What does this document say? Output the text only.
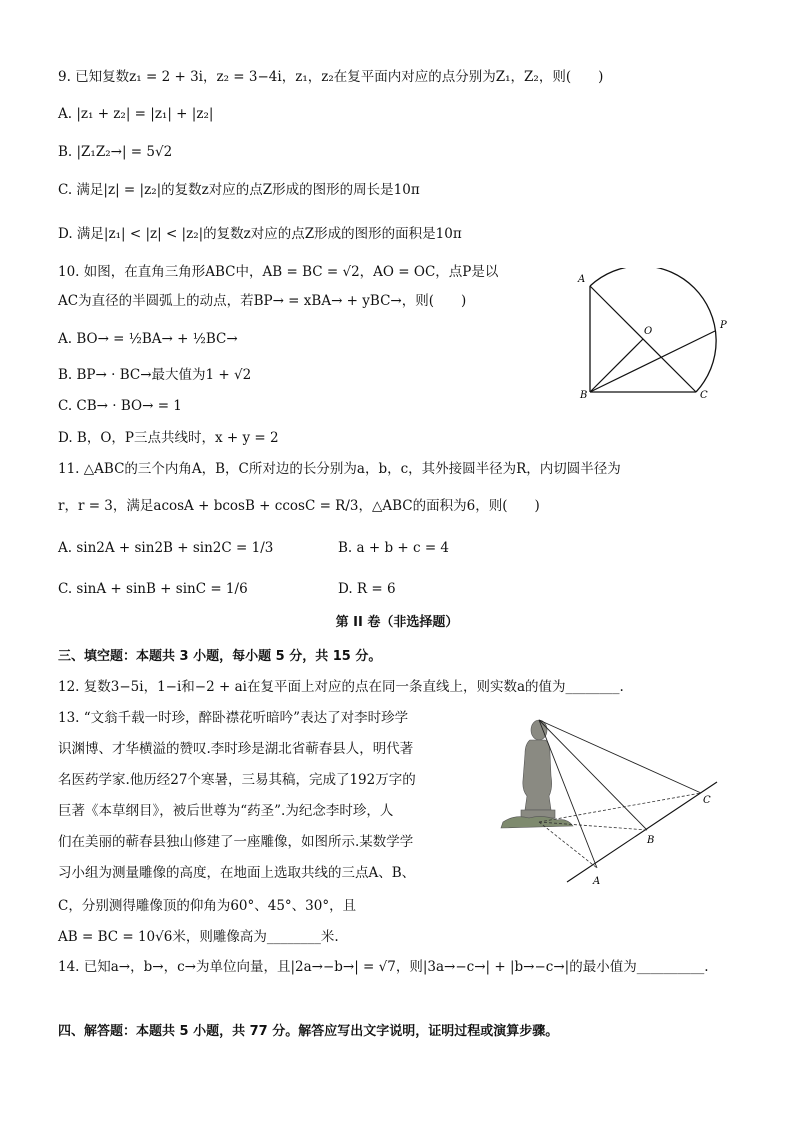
9. 已知复数z₁ = 2 + 3i，z₂ = 3−4i，z₁，z₂在复平面内对应的点分别为Z₁，Z₂，则(　　)
A. |z₁ + z₂| = |z₁| + |z₂|
B. |Z₁Z₂→| = 5√2
C. 满足|z| = |z₂|的复数z对应的点Z形成的图形的周长是10π
D. 满足|z₁| < |z| < |z₂|的复数z对应的点Z形成的图形的面积是10π
10. 如图，在直角三角形ABC中，AB = BC = √2，AO = OC，点P是以
AC为直径的半圆弧上的动点，若BP→ = xBA→ + yBC→，则(　　)
A. BO→ = ½BA→ + ½BC→
B. BP→ · BC→最大值为1 + √2
C. CB→ · BO→ = 1
D. B，O，P三点共线时，x + y = 2
A
O
P
B	C
11. △ABC的三个内角A，B，C所对边的长分别为a，b，c，其外接圆半径为R，内切圆半径为
r，r = 3，满足acosA + bcosB + ccosC = R/3，△ABC的面积为6，则(　　)
A. sin2A + sin2B + sin2C = 1/3	B. a + b + c = 4
C. sinA + sinB + sinC = 1/6	D. R = 6
第 II 卷（非选择题）
三、填空题：本题共 3 小题，每小题 5 分，共 15 分。
12. 复数3−5i，1−i和−2 + ai在复平面上对应的点在同一条直线上，则实数a的值为________.
13. “文翁千载一时珍，醉卧襟花听暗吟”表达了对李时珍学
识渊博、才华横溢的赞叹.李时珍是湖北省蕲春县人，明代著
名医药学家.他历经27个寒暑，三易其稿，完成了192万字的
巨著《本草纲目》，被后世尊为“药圣”.为纪念李时珍，人
们在美丽的蕲春县独山修建了一座雕像，如图所示.某数学学
习小组为测量雕像的高度，在地面上选取共线的三点A、B、
C，分别测得雕像顶的仰角为60°、45°、30°，且
AB = BC = 10√6米，则雕像高为________米.
A
B
C
14. 已知a→，b→，c→为单位向量，且|2a→−b→| = √7，则|3a→−c→| + |b→−c→|的最小值为__________.
四、解答题：本题共 5 小题，共 77 分。解答应写出文字说明，证明过程或演算步骤。
